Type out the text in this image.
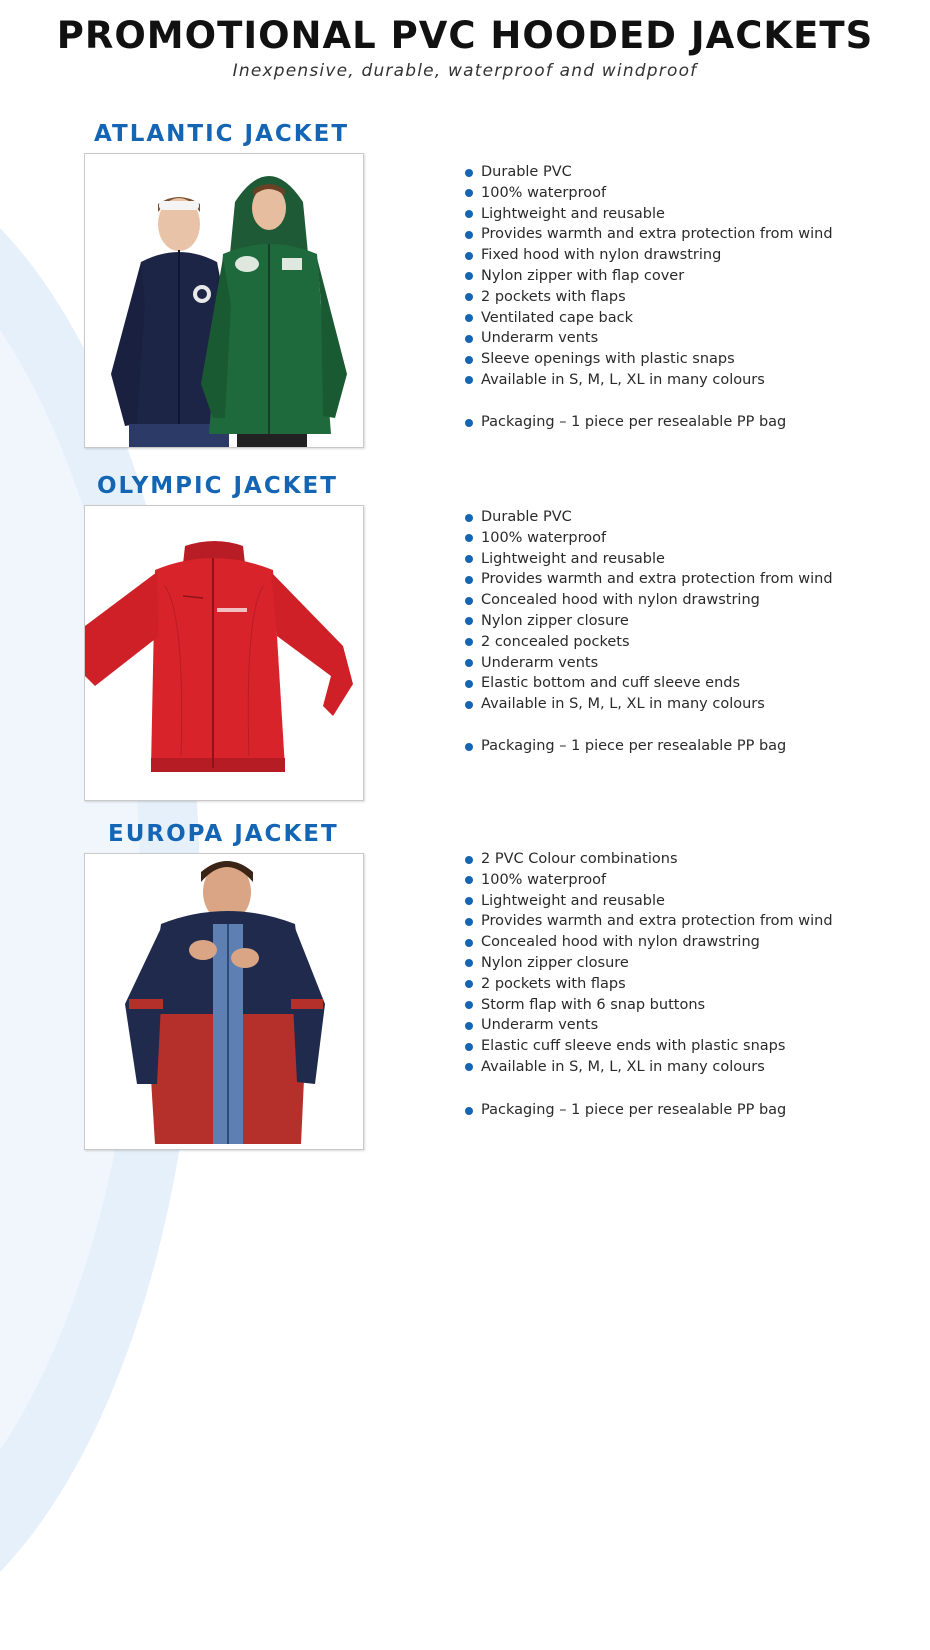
PROMOTIONAL PVC HOODED JACKETS
Inexpensive, durable, waterproof and windproof
ATLANTIC JACKET
Durable PVC
100% waterproof
Lightweight and reusable
Provides warmth and extra protection from wind
Fixed hood with nylon drawstring
Nylon zipper with flap cover
2 pockets with flaps
Ventilated cape back
Underarm vents
Sleeve openings with plastic snaps
Available in S, M, L, XL in many colours

Packaging – 1 piece per resealable PP bag

OLYMPIC JACKET
Durable PVC
100% waterproof
Lightweight and reusable
Provides warmth and extra protection from wind
Concealed hood with nylon drawstring
Nylon zipper closure
2 concealed pockets
Underarm vents
Elastic bottom and cuff sleeve ends
Available in S, M, L, XL in many colours

Packaging – 1 piece per resealable PP bag

EUROPA JACKET
2 PVC Colour combinations
100% waterproof
Lightweight and reusable
Provides warmth and extra protection from wind
Concealed hood with nylon drawstring
Nylon zipper closure
2 pockets with flaps
Storm flap with 6 snap buttons
Underarm vents
Elastic cuff sleeve ends with plastic snaps
Available in S, M, L, XL in many colours

Packaging – 1 piece per resealable PP bag
